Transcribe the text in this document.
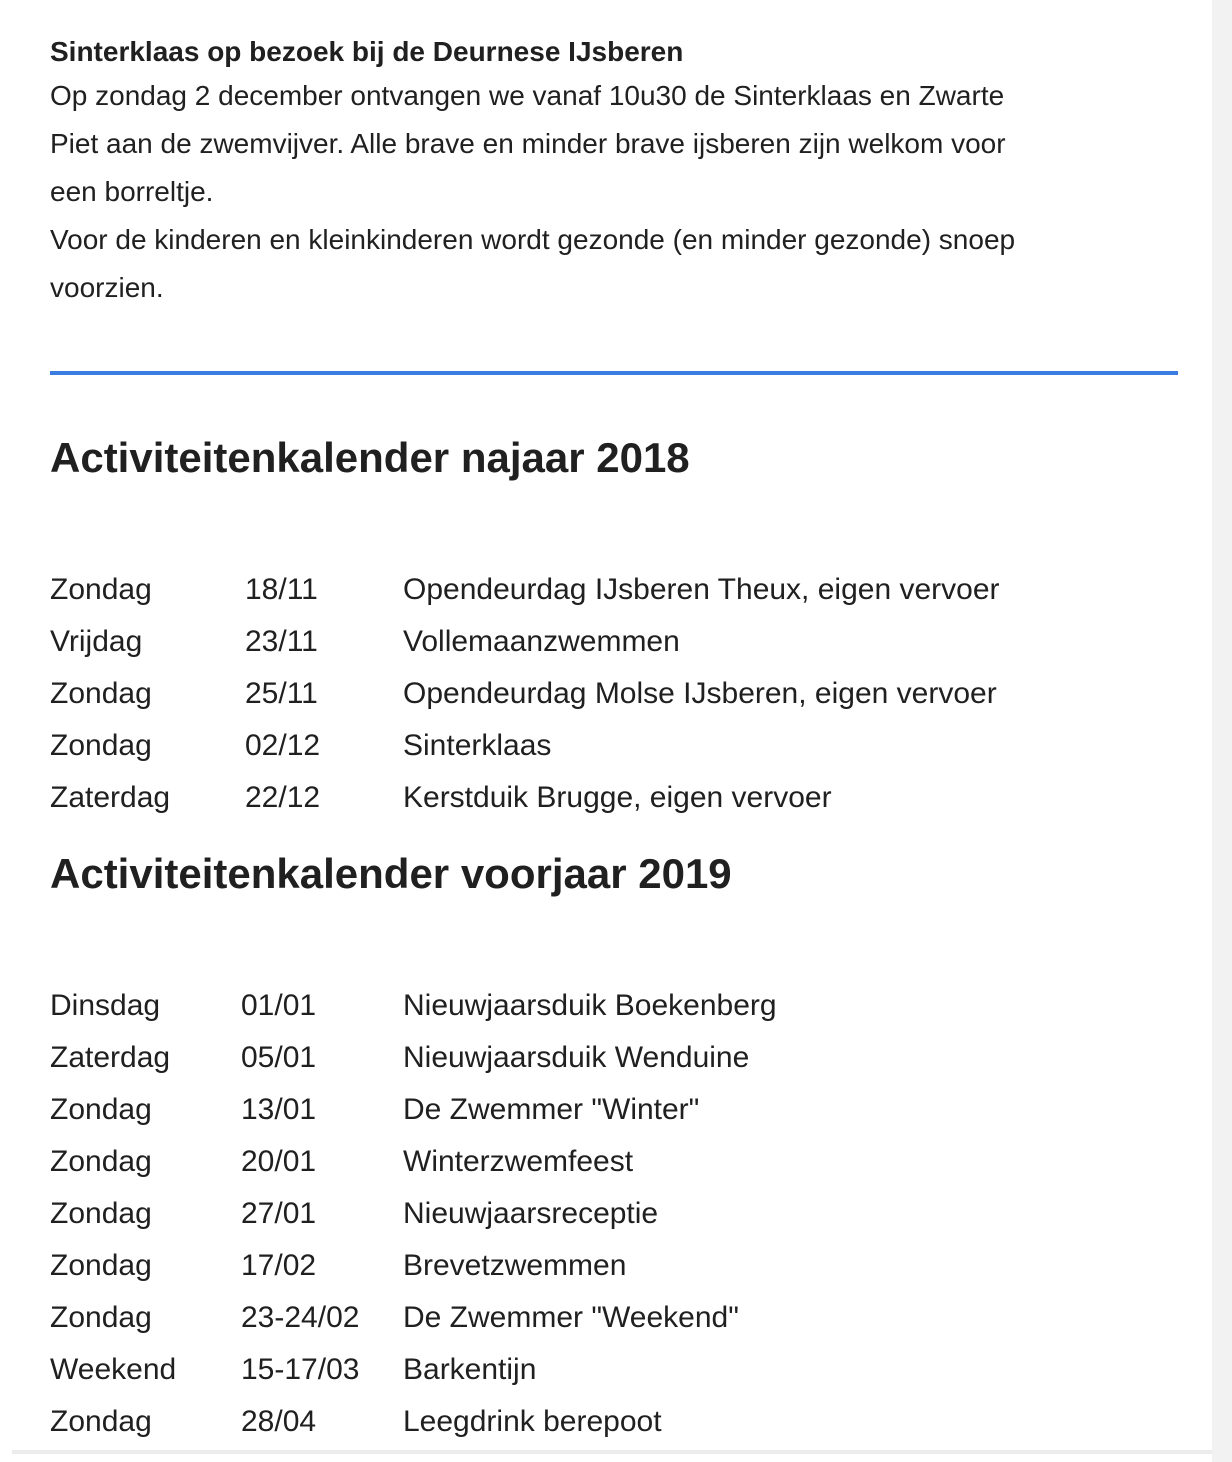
Sinterklaas op bezoek bij de Deurnese IJsberen

Op zondag 2 december ontvangen we vanaf 10u30 de Sinterklaas en Zwarte

Piet aan de zwemvijver. Alle brave en minder brave ijsberen zijn welkom voor

een borreltje.

Voor de kinderen en kleinkinderen wordt gezonde (en minder gezonde) snoep

voorzien.

Activiteitenkalender najaar 2018
Zondag	18/11	Opendeurdag IJsberen Theux, eigen vervoer
Vrijdag	23/11	Vollemaanzwemmen
Zondag	25/11	Opendeurdag Molse IJsberen, eigen vervoer
Zondag	02/12	Sinterklaas
Zaterdag	22/12	Kerstduik Brugge, eigen vervoer
Activiteitenkalender voorjaar 2019
Dinsdag	01/01	Nieuwjaarsduik Boekenberg
Zaterdag	05/01	Nieuwjaarsduik Wenduine
Zondag	13/01	De Zwemmer "Winter"
Zondag	20/01	Winterzwemfeest
Zondag	27/01	Nieuwjaarsreceptie
Zondag	17/02	Brevetzwemmen
Zondag	23-24/02	De Zwemmer "Weekend"
Weekend	15-17/03	Barkentijn
Zondag	28/04	Leegdrink berepoot
